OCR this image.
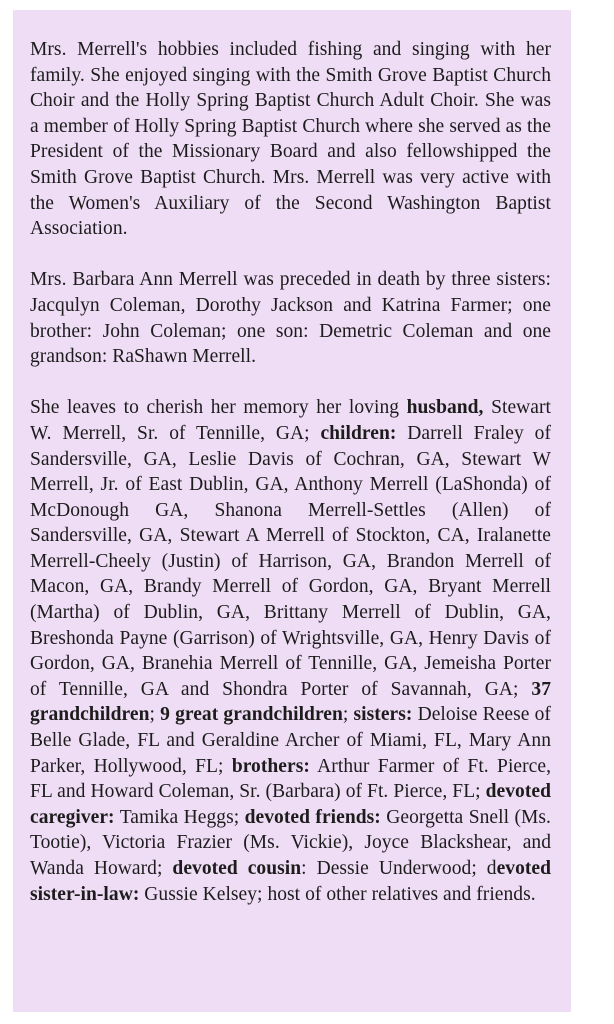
Mrs. Merrell's hobbies included fishing and singing with her family. She enjoyed singing with the Smith Grove Baptist Church Choir and the Holly Spring Baptist Church Adult Choir. She was a member of Holly Spring Baptist Church where she served as the President of the Missionary Board and also fellowshipped the Smith Grove Baptist Church. Mrs. Merrell was very active with the Women's Auxiliary of the Second Washington Baptist Association.

Mrs. Barbara Ann Merrell was preceded in death by three sisters: Jacqulyn Coleman, Dorothy Jackson and Katrina Farmer; one brother: John Coleman; one son: Demetric Coleman and one grandson: RaShawn Merrell.

She leaves to cherish her memory her loving husband, Stewart W. Merrell, Sr. of Tennille, GA; children: Darrell Fraley of Sandersville, GA, Leslie Davis of Cochran, GA, Stewart W Merrell, Jr. of East Dublin, GA, Anthony Merrell (LaShonda) of McDonough GA, Shanona Merrell-Settles (Allen) of Sandersville, GA, Stewart A Merrell of Stockton, CA, Iralanette Merrell-Cheely (Justin) of Harrison, GA, Brandon Merrell of Macon, GA, Brandy Merrell of Gordon, GA, Bryant Merrell (Martha) of Dublin, GA, Brittany Merrell of Dublin, GA, Breshonda Payne (Garrison) of Wrightsville, GA, Henry Davis of Gordon, GA, Branehia Merrell of Tennille, GA, Jemeisha Porter of Tennille, GA and Shondra Porter of Savannah, GA; 37 grandchildren; 9 great grandchildren; sisters: Deloise Reese of Belle Glade, FL and Geraldine Archer of Miami, FL, Mary Ann Parker, Hollywood, FL; brothers: Arthur Farmer of Ft. Pierce, FL and Howard Coleman, Sr. (Barbara) of Ft. Pierce, FL; devoted caregiver: Tamika Heggs; devoted friends: Georgetta Snell (Ms. Tootie), Victoria Frazier (Ms. Vickie), Joyce Blackshear, and Wanda Howard; devoted cousin: Dessie Underwood; devoted sister-in-law: Gussie Kelsey; host of other relatives and friends.
